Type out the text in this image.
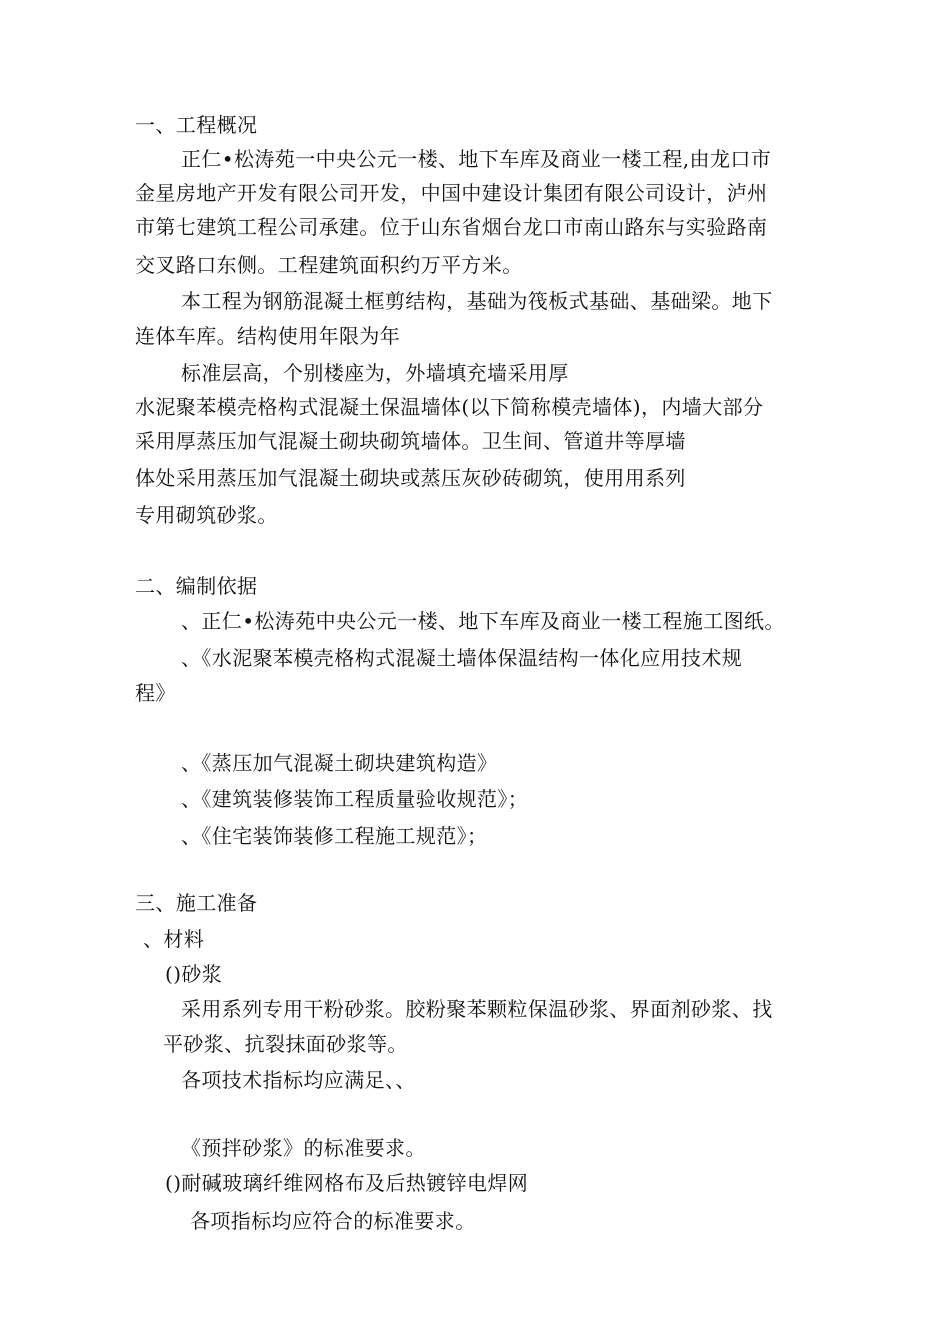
一、工程概况
正仁•松涛苑一中央公元一楼、地下车库及商业一楼工程,由龙口市
金星房地产开发有限公司开发，中国中建设计集团有限公司设计，泸州
市第七建筑工程公司承建。位于山东省烟台龙口市南山路东与实验路南
交叉路口东侧。工程建筑面积约万平方米。
本工程为钢筋混凝土框剪结构，基础为筏板式基础、基础梁。地下
连体车库。结构使用年限为年
标准层高，个别楼座为，外墙填充墙采用厚
水泥聚苯模壳格构式混凝土保温墙体(以下简称模壳墙体)，内墙大部分
采用厚蒸压加气混凝土砌块砌筑墙体。卫生间、管道井等厚墙
体处采用蒸压加气混凝土砌块或蒸压灰砂砖砌筑，使用用系列
专用砌筑砂浆。
二、编制依据
、正仁•松涛苑中央公元一楼、地下车库及商业一楼工程施工图纸。
、《水泥聚苯模壳格构式混凝土墙体保温结构一体化应用技术规
程》
、《蒸压加气混凝土砌块建筑构造》
、《建筑装修装饰工程质量验收规范》；
、《住宅装饰装修工程施工规范》；
三、施工准备
、材料
()砂浆
采用系列专用干粉砂浆。胶粉聚苯颗粒保温砂浆、界面剂砂浆、找
平砂浆、抗裂抹面砂浆等。
各项技术指标均应满足、、
《预拌砂浆》的标准要求。
()耐碱玻璃纤维网格布及后热镀锌电焊网
各项指标均应符合的标准要求。
